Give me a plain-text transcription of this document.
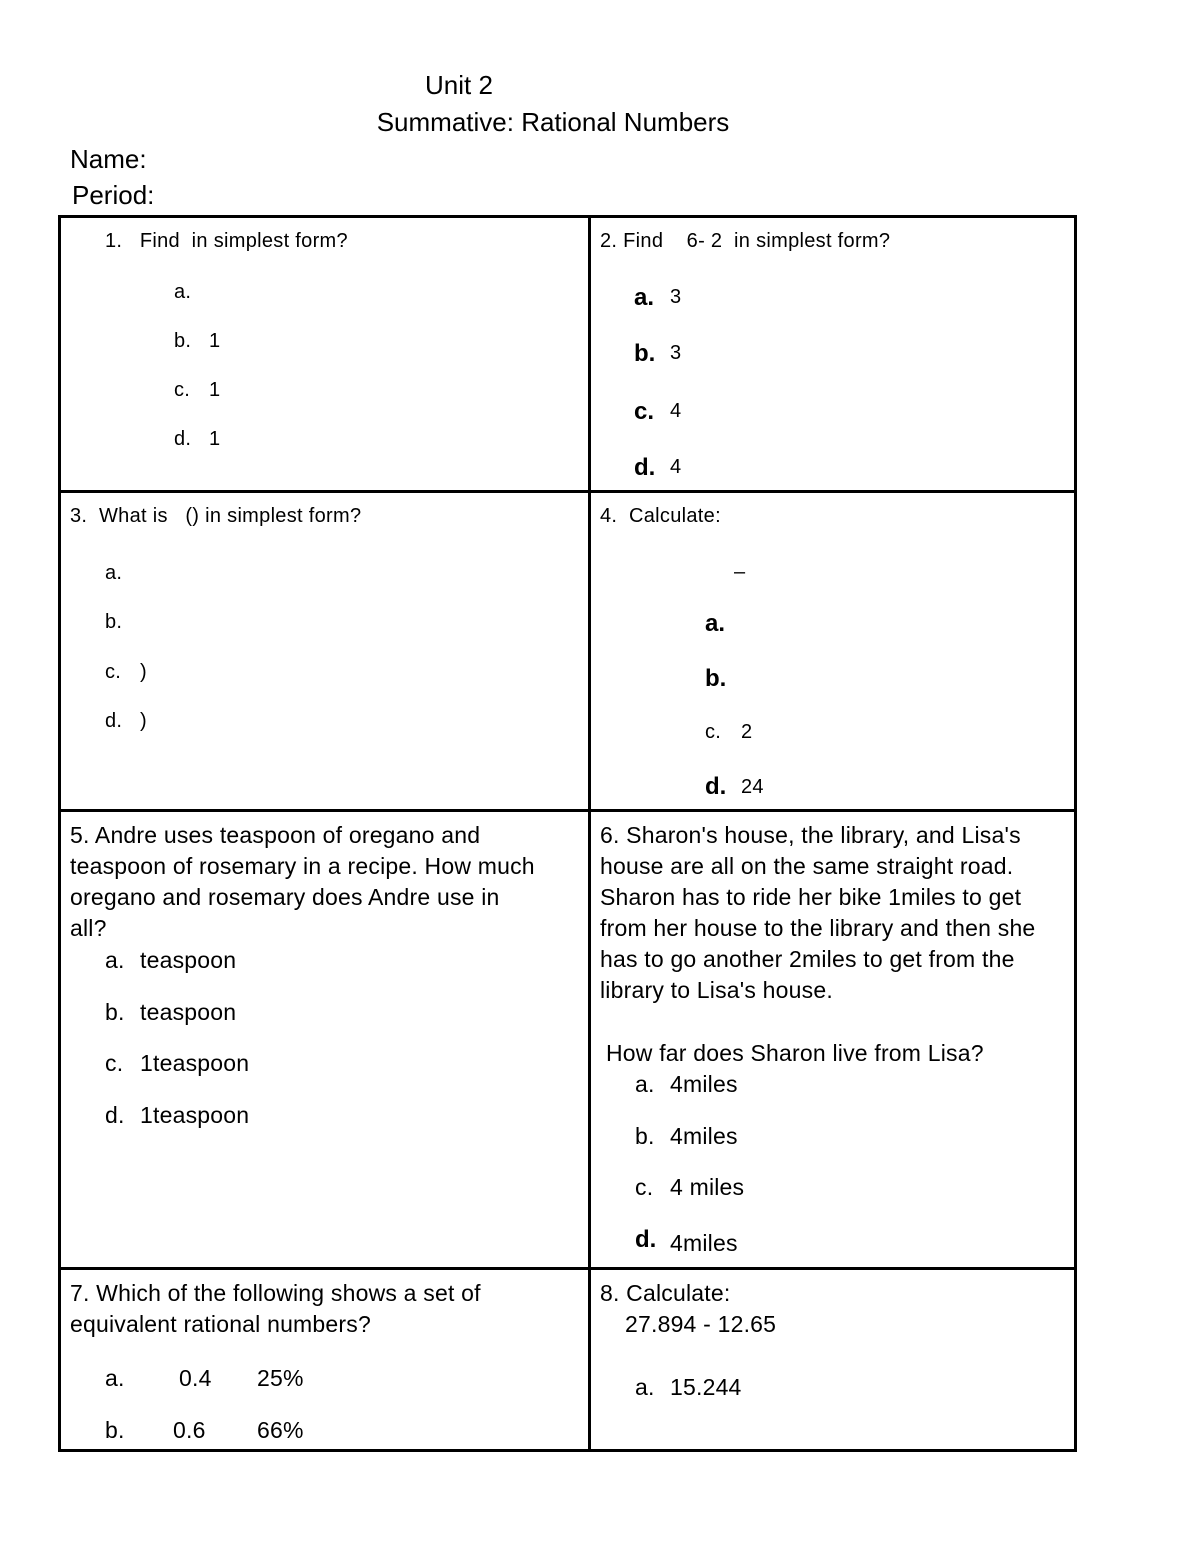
Unit 2
Summative: Rational Numbers
Name:
Period:
1.   Find  in simplest form?
a.
b. 1
c. 1
d. 1
2. Find    6- 2  in simplest form?
a. 3
b. 3
c. 4
d. 4
3.  What is   () in simplest form?
a.
b.
c. )
d. )
4.  Calculate:
–
a.
b.
c. 2
d. 24
5. Andre uses teaspoon of oregano and teaspoon of rosemary in a recipe. How much oregano and rosemary does Andre use in all?
a. teaspoon
b. teaspoon
c. 1teaspoon
d. 1teaspoon
6. Sharon's house, the library, and Lisa's house are all on the same straight road. Sharon has to ride her bike 1miles to get from her house to the library and then she has to go another 2miles to get from the library to Lisa's house.
How far does Sharon live from Lisa?
a. 4miles
b. 4miles
c. 4 miles
d. 4miles
7. Which of the following shows a set of equivalent rational numbers?
a. 0.4 25%
b. 0.6 66%
8. Calculate:
27.894 - 12.65
a. 15.244
